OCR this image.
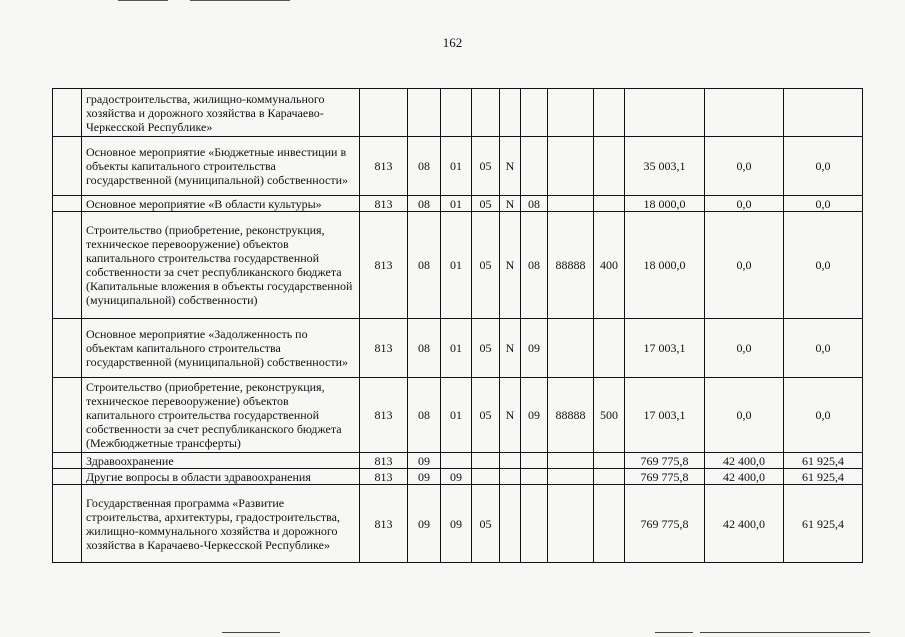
162
	градостроительства, жилищно-коммунального хозяйства и дорожного хозяйства в Карачаево-Черкесской Республике»											
	Основное мероприятие «Бюджетные инвестиции в объекты капитального строительства государственной (муниципальной) собственности»	813	08	01	05	N				35 003,1	0,0	0,0
	Основное мероприятие «В области культуры»	813	08	01	05	N	08			18 000,0	0,0	0,0
	Строительство (приобретение, реконструкция, техническое перевооружение) объектов капитального строительства государственной собственности за счет республиканского бюджета (Капитальные вложения в объекты государственной (муниципальной) собственности)	813	08	01	05	N	08	88888	400	18 000,0	0,0	0,0
	Основное мероприятие «Задолженность по объектам капитального строительства государственной (муниципальной) собственности»	813	08	01	05	N	09			17 003,1	0,0	0,0
	Строительство (приобретение, реконструкция, техническое перевооружение) объектов капитального строительства государственной собственности за счет республиканского бюджета (Межбюджетные трансферты)	813	08	01	05	N	09	88888	500	17 003,1	0,0	0,0
	Здравоохранение	813	09							769 775,8	42 400,0	61 925,4
	Другие вопросы в области здравоохранения	813	09	09						769 775,8	42 400,0	61 925,4
	Государственная программа «Развитие строительства, архитектуры, градостроительства, жилищно-коммунального хозяйства и дорожного хозяйства в Карачаево-Черкесской Республике»	813	09	09	05					769 775,8	42 400,0	61 925,4
